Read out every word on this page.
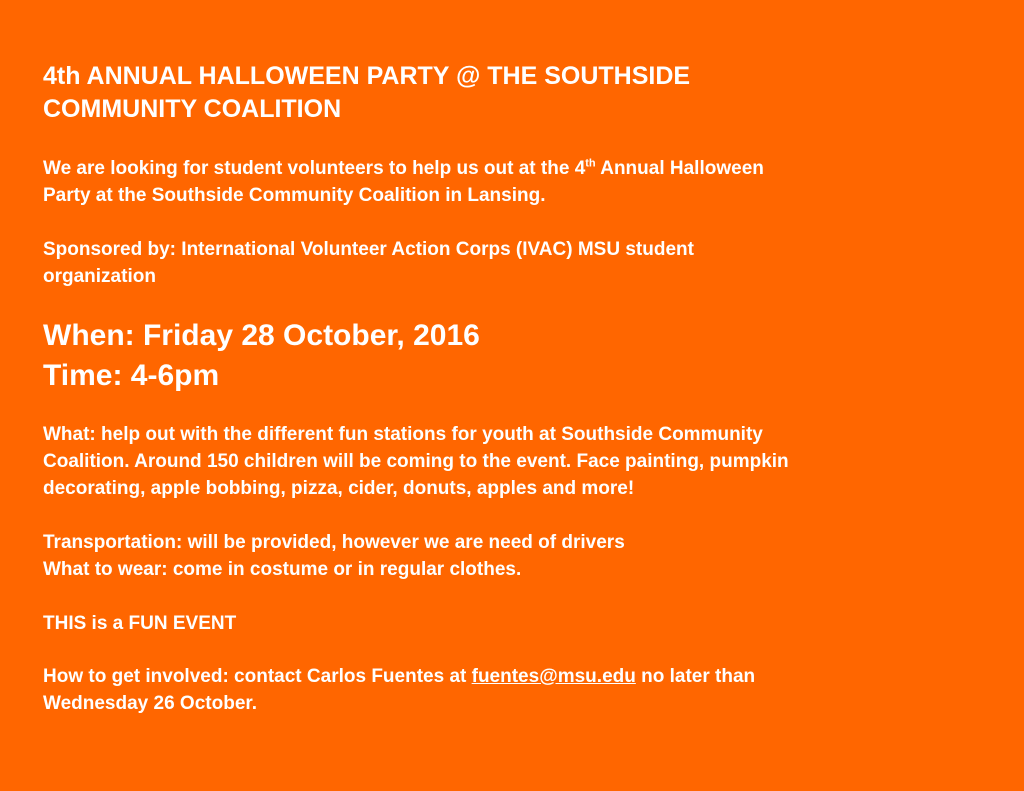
4th ANNUAL HALLOWEEN PARTY @ THE SOUTHSIDE
COMMUNITY COALITION

We are looking for student volunteers to help us out at the 4th Annual Halloween
Party at the Southside Community Coalition in Lansing.

Sponsored by: International Volunteer Action Corps (IVAC) MSU student
organization

When: Friday 28 October, 2016

Time: 4-6pm

What: help out with the different fun stations for youth at Southside Community
Coalition. Around 150 children will be coming to the event. Face painting, pumpkin
decorating, apple bobbing, pizza, cider, donuts, apples and more!

Transportation: will be provided, however we are need of drivers
What to wear: come in costume or in regular clothes.

THIS is a FUN EVENT

How to get involved: contact Carlos Fuentes at fuentes@msu.edu no later than
Wednesday 26 October.
